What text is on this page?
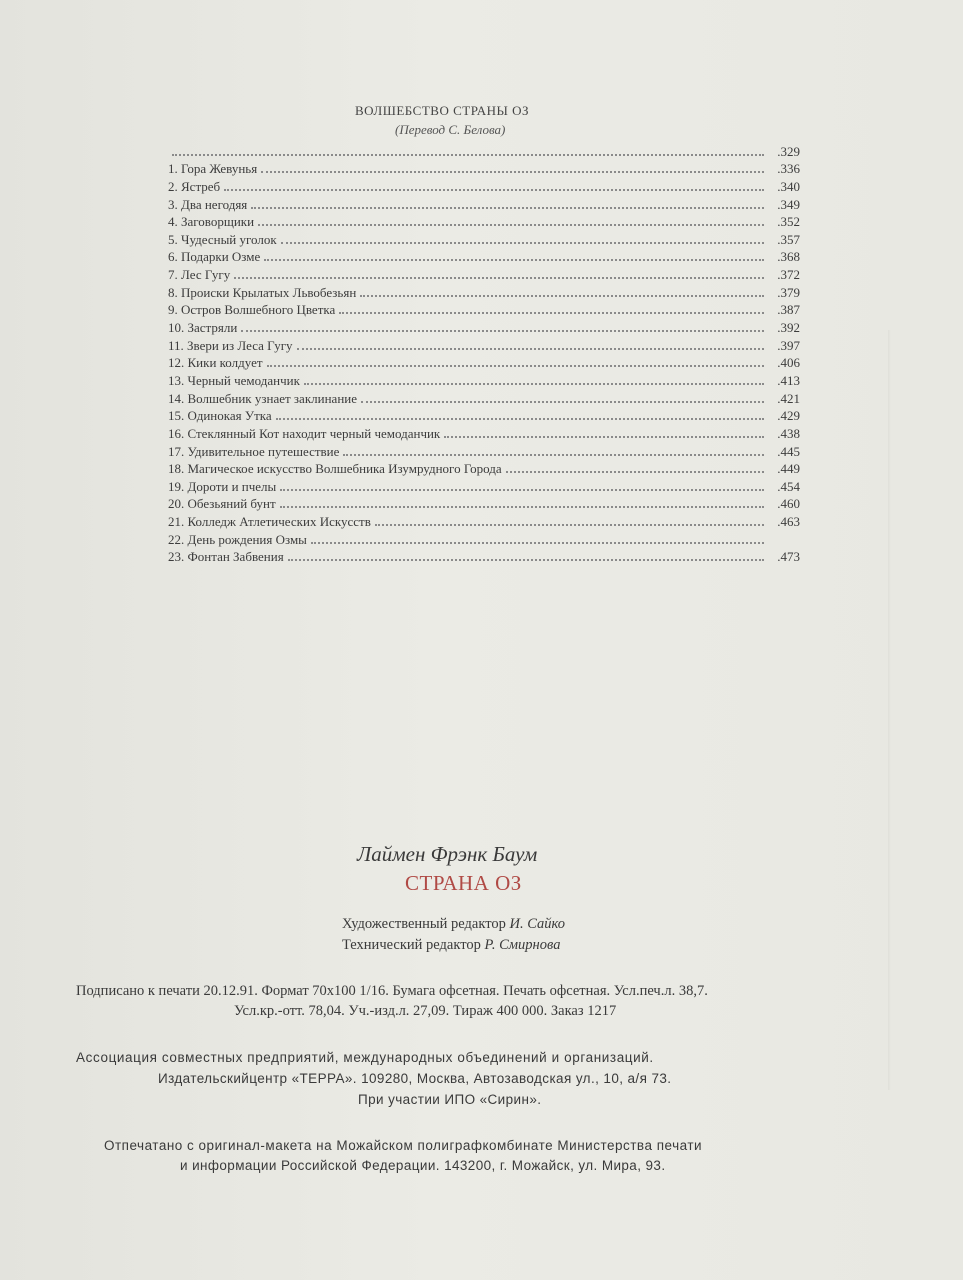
ВОЛШЕБСТВО СТРАНЫ ОЗ
(Перевод С. Белова)
.329
1. Гора Жевунья	.336
2. Ястреб	.340
3. Два негодяя	.349
4. Заговорщики	.352
5. Чудесный уголок	.357
6. Подарки Озме	.368
7. Лес Гугу	.372
8. Происки Крылатых Львобезьян	.379
9. Остров Волшебного Цветка	.387
10. Застряли	.392
11. Звери из Леса Гугу	.397
12. Кики колдует	.406
13. Черный чемоданчик	.413
14. Волшебник узнает заклинание	.421
15. Одинокая Утка	.429
16. Стеклянный Кот находит черный чемоданчик	.438
17. Удивительное путешествие	.445
18. Магическое искусство Волшебника Изумрудного Города	.449
19. Дороти и пчелы	.454
20. Обезьяний бунт	.460
21. Колледж Атлетических Искусств	.463
22. День рождения Озмы
23. Фонтан Забвения	.473
Лаймен Фрэнк Баум
СТРАНА ОЗ
Художественный редактор И. Сайко
Технический редактор Р. Смирнова
Подписано к печати 20.12.91. Формат 70х100 1/16. Бумага офсетная. Печать офсетная. Усл.печ.л. 38,7.
Усл.кр.-отт. 78,04. Уч.-изд.л. 27,09. Тираж 400 000. Заказ 1217
Ассоциация совместных предприятий, международных объединений и организаций.
Издательскийцентр «ТЕРРА». 109280, Москва, Автозаводская ул., 10, а/я 73.
При участии ИПО «Сирин».
Отпечатано с оригинал-макета на Можайском полиграфкомбинате Министерства печати
и информации Российской Федерации. 143200, г. Можайск, ул. Мира, 93.
